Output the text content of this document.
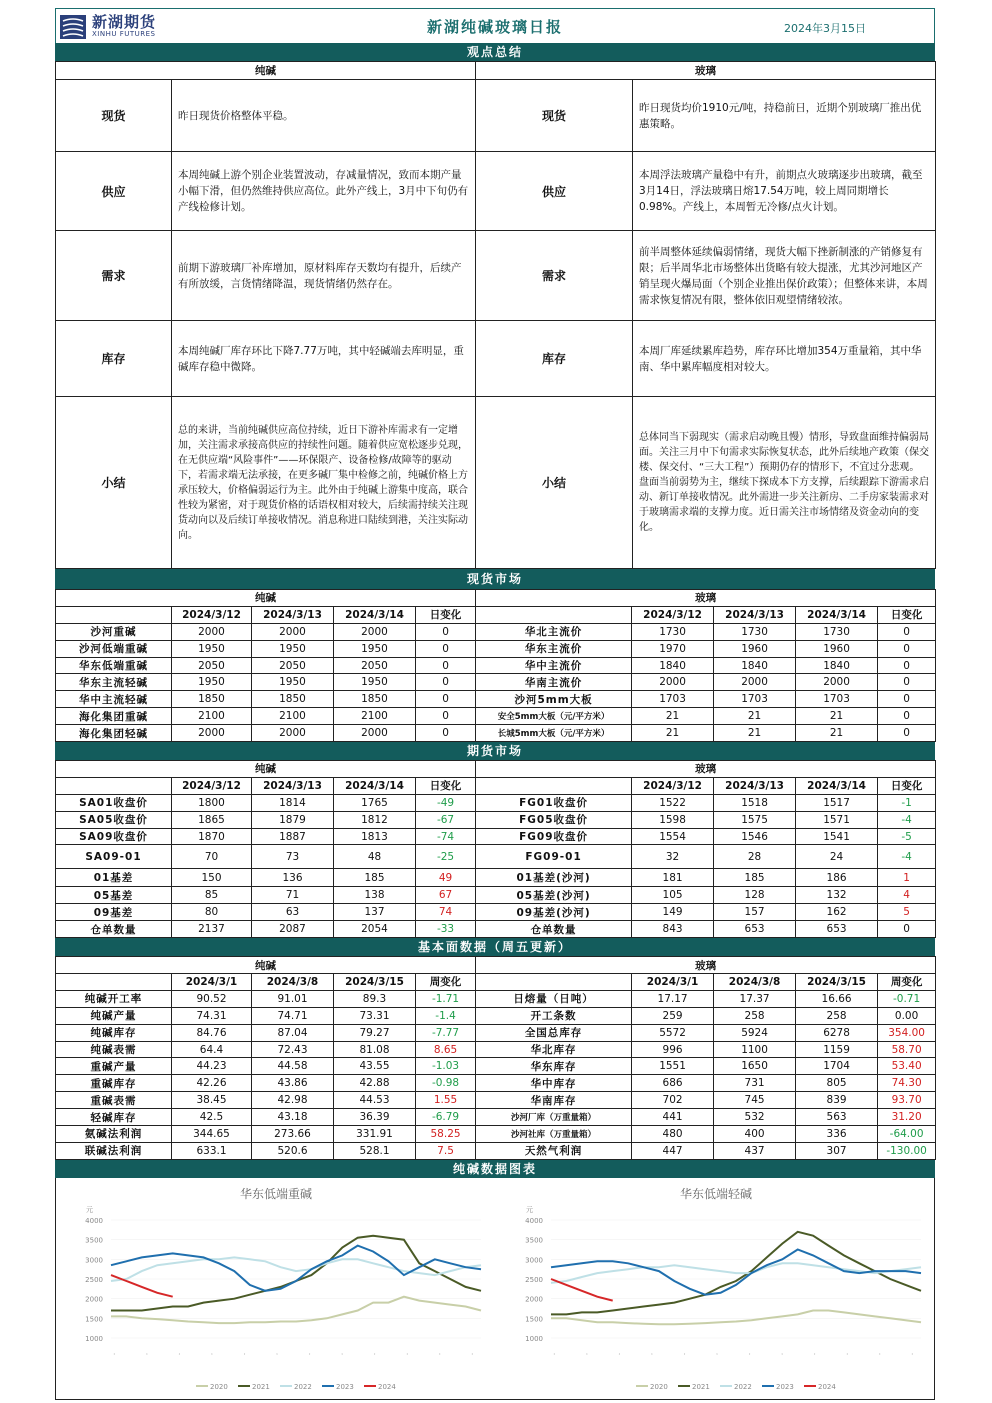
新湖期货
XINHU FUTURES	新湖纯碱玻璃日报	2024年3月15日
观点总结
纯碱		玻璃	
现货	昨日现货价格整体平稳。	现货	昨日现货均价1910元/吨，持稳前日，近期个别玻璃厂推出优惠策略。
供应	本周纯碱上游个别企业装置波动，存减量情况，致而本期产量小幅下滑，但仍然维持供应高位。此外产线上，3月中下旬仍有产线检修计划。	供应	本周浮法玻璃产量稳中有升，前期点火玻璃逐步出玻璃，截至3月14日，浮法玻璃日熔17.54万吨，较上周同期增长0.98%。产线上，本周暂无冷修/点火计划。
需求	前期下游玻璃厂补库增加，原材料库存天数均有提升，后续产有所放缓，言货情绪降温，现货情绪仍然存在。	需求	前半周整体延续偏弱情绪，现货大幅下挫新制涨的产销修复有限；后半周华北市场整体出货略有较大提涨，尤其沙河地区产销呈现火爆局面（个别企业推出保价政策）；但整体来讲，本周需求恢复情况有限，整体依旧观望情绪较浓。
库存	本周纯碱厂库存环比下降7.77万吨，其中轻碱端去库明显，重碱库存稳中微降。	库存	本周厂库延续累库趋势，库存环比增加354万重量箱，其中华南、华中累库幅度相对较大。
小结	总的来讲，当前纯碱供应高位持续，近日下游补库需求有一定增加，关注需求承接高供应的持续性问题。随着供应宽松逐步兑现，在无供应端“风险事件”——环保限产、设备检修/故障等的驱动下，若需求端无法承接，在更多碱厂集中检修之前，纯碱价格上方承压较大，价格偏弱运行为主。此外由于纯碱上游集中度高，联合性较为紧密，对于现货价格的话语权相对较大，后续需持续关注现货动向以及后续订单接收情况。消息称进口陆续到港，关注实际动向。	小结	总体同当下弱现实（需求启动晚且慢）情形，导致盘面维持偏弱局面。关注三月中下旬需求实际恢复状态，此外后续地产政策（保交楼、保交付、“三大工程”）预期仍存的情形下，不宜过分悲观。盘面当前弱势为主，继续下探成本下方支撑，后续跟踪下游需求启动、新订单接收情况。此外需进一步关注新房、二手房家装需求对于玻璃需求端的支撑力度。近日需关注市场情绪及资金动向的变化。
现货市场
纯碱					玻璃				
	2024/3/12	2024/3/13	2024/3/14	日变化		2024/3/12	2024/3/13	2024/3/14	日变化
沙河重碱	2000	2000	2000	0	华北主流价	1730	1730	1730	0
沙河低端重碱	1950	1950	1950	0	华东主流价	1970	1960	1960	0
华东低端重碱	2050	2050	2050	0	华中主流价	1840	1840	1840	0
华东主流轻碱	1950	1950	1950	0	华南主流价	2000	2000	2000	0
华中主流轻碱	1850	1850	1850	0	沙河5mm大板	1703	1703	1703	0
海化集团重碱	2100	2100	2100	0	安全5mm大板（元/平方米）	21	21	21	0
海化集团轻碱	2000	2000	2000	0	长城5mm大板（元/平方米）	21	21	21	0
期货市场
纯碱					玻璃				
	2024/3/12	2024/3/13	2024/3/14	日变化		2024/3/12	2024/3/13	2024/3/14	日变化
SA01收盘价	1800	1814	1765	-49	FG01收盘价	1522	1518	1517	-1
SA05收盘价	1865	1879	1812	-67	FG05收盘价	1598	1575	1571	-4
SA09收盘价	1870	1887	1813	-74	FG09收盘价	1554	1546	1541	-5
SA09-01	70	73	48	-25	FG09-01	32	28	24	-4
01基差	150	136	185	49	01基差(沙河)	181	185	186	1
05基差	85	71	138	67	05基差(沙河)	105	128	132	4
09基差	80	63	137	74	09基差(沙河)	149	157	162	5
仓单数量	2137	2087	2054	-33	仓单数量	843	653	653	0
基本面数据（周五更新）
纯碱					玻璃				
	2024/3/1	2024/3/8	2024/3/15	周变化		2024/3/1	2024/3/8	2024/3/15	周变化
纯碱开工率	90.52	91.01	89.3	-1.71	日熔量（日吨）	17.17	17.37	16.66	-0.71
纯碱产量	74.31	74.71	73.31	-1.4	开工条数	259	258	258	0.00
纯碱库存	84.76	87.04	79.27	-7.77	全国总库存	5572	5924	6278	354.00
纯碱表需	64.4	72.43	81.08	8.65	华北库存	996	1100	1159	58.70
重碱产量	44.23	44.58	43.55	-1.03	华东库存	1551	1650	1704	53.40
重碱库存	42.26	43.86	42.88	-0.98	华中库存	686	731	805	74.30
重碱表需	38.45	42.98	44.53	1.55	华南库存	702	745	839	93.70
轻碱库存	42.5	43.18	36.39	-6.79	沙河厂库（万重量箱）	441	532	563	31.20
氨碱法利润	344.65	273.66	331.91	58.25	沙河社库（万重量箱）	480	400	336	-64.00
联碱法利润	633.1	520.6	528.1	7.5	天然气利润	447	437	307	-130.00
纯碱数据图表
华东低端重碱
元
4000
3500
3000
2500
2000
1500
1000
·	·	·	·	·	·	·	·	·	·	·	·
2020	2021	2022	2023	2024
华东低端轻碱
元
4000
3500
3000
2500
2000
1500
1000
·	·	·	·	·	·	·	·	·	·	·	·
2020	2021	2022	2023	2024
